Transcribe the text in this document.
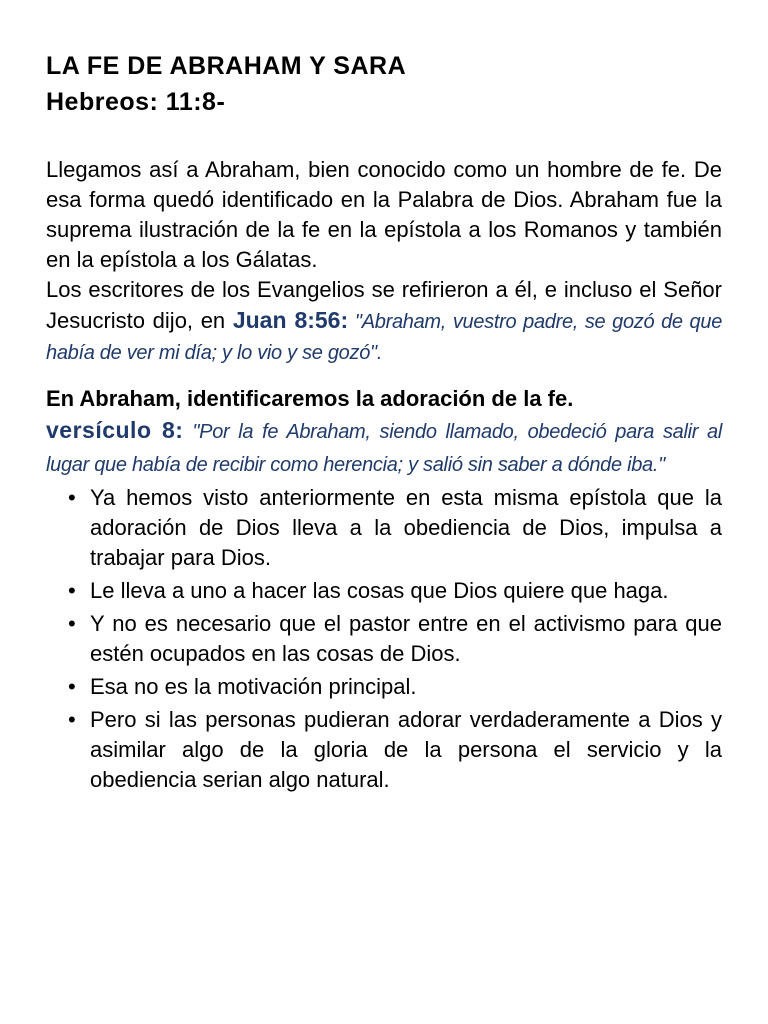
LA FE DE ABRAHAM Y SARA
Hebreos: 11:8-

Llegamos así a Abraham, bien conocido como un hombre de fe. De esa forma quedó identificado en la Palabra de Dios. Abraham fue la suprema ilustración de la fe en la epístola a los Romanos y también en la epístola a los Gálatas.

Los escritores de los Evangelios se refirieron a él, e incluso el Señor Jesucristo dijo, en Juan 8:56: "Abraham, vuestro padre, se gozó de que había de ver mi día; y lo vio y se gozó".

En Abraham, identificaremos la adoración de la fe.

versículo 8: "Por la fe Abraham, siendo llamado, obedeció para salir al lugar que había de recibir como herencia; y salió sin saber a dónde iba."

• Ya hemos visto anteriormente en esta misma epístola que la adoración de Dios lleva a la obediencia de Dios, impulsa a trabajar para Dios.
• Le lleva a uno a hacer las cosas que Dios quiere que haga.
• Y no es necesario que el pastor entre en el activismo para que estén ocupados en las cosas de Dios.
• Esa no es la motivación principal.
• Pero si las personas pudieran adorar verdaderamente a Dios y asimilar algo de la gloria de la persona el servicio y la obediencia serian algo natural.
